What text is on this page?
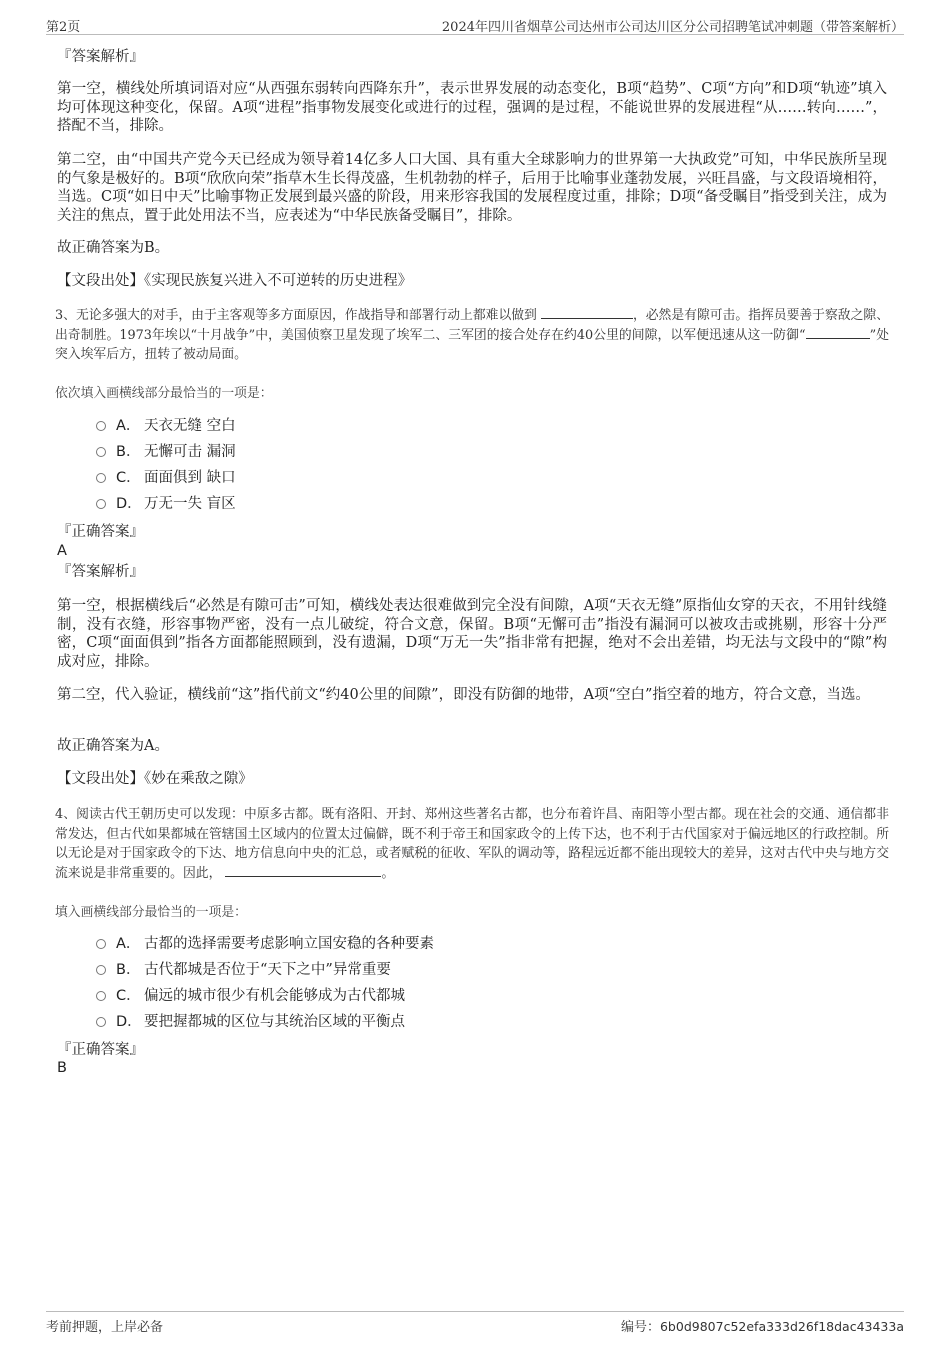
第2页	2024年四川省烟草公司达州市公司达川区分公司招聘笔试冲刺题（带答案解析）
『答案解析』

第一空，横线处所填词语对应“从西强东弱转向西降东升”，表示世界发展的动态变化，B项“趋势”、C项“方向”和D项“轨迹”填入均可体现这种变化，保留。A项“进程”指事物发展变化或进行的过程，强调的是过程，不能说世界的发展进程“从……转向……”，搭配不当，排除。

第二空，由“中国共产党今天已经成为领导着14亿多人口大国、具有重大全球影响力的世界第一大执政党”可知，中华民族所呈现的气象是极好的。B项“欣欣向荣”指草木生长得茂盛，生机勃勃的样子，后用于比喻事业蓬勃发展，兴旺昌盛，与文段语境相符，当选。C项“如日中天”比喻事物正发展到最兴盛的阶段，用来形容我国的发展程度过重，排除；D项“备受瞩目”指受到关注，成为关注的焦点，置于此处用法不当，应表述为“中华民族备受瞩目”，排除。

故正确答案为B。
【文段出处】《实现民族复兴进入不可逆转的历史进程》

3、无论多强大的对手，由于主客观等多方面原因，作战指导和部署行动上都难以做到	，必然是有隙可击。指挥员要善于察敌之隙、出奇制胜。1973年埃以“十月战争”中，美国侦察卫星发现了埃军二、三军团的接合处存在约40公里的间隙，以军便迅速从这一防御“	”处突入埃军后方，扭转了被动局面。

依次填入画横线部分最恰当的一项是：
A． 天衣无缝 空白
B． 无懈可击 漏洞
C． 面面俱到 缺口
D． 万无一失 盲区
『正确答案』
A
『答案解析』

第一空，根据横线后“必然是有隙可击”可知，横线处表达很难做到完全没有间隙，A项“天衣无缝”原指仙女穿的天衣，不用针线缝制，没有衣缝，形容事物严密，没有一点儿破绽，符合文意，保留。B项“无懈可击”指没有漏洞可以被攻击或挑剔，形容十分严密，C项“面面俱到”指各方面都能照顾到，没有遗漏，D项“万无一失”指非常有把握，绝对不会出差错，均无法与文段中的“隙”构成对应，排除。

第二空，代入验证，横线前“这”指代前文“约40公里的间隙”，即没有防御的地带，A项“空白”指空着的地方，符合文意，当选。

故正确答案为A。
【文段出处】《妙在乘敌之隙》

4、阅读古代王朝历史可以发现：中原多古都。既有洛阳、开封、郑州这些著名古都，也分布着许昌、南阳等小型古都。现在社会的交通、通信都非常发达，但古代如果都城在管辖国土区域内的位置太过偏僻，既不利于帝王和国家政令的上传下达，也不利于古代国家对于偏远地区的行政控制。所以无论是对于国家政令的下达、地方信息向中央的汇总，或者赋税的征收、军队的调动等，路程远近都不能出现较大的差异，这对古代中央与地方交流来说是非常重要的。因此，	。

填入画横线部分最恰当的一项是：
A． 古都的选择需要考虑影响立国安稳的各种要素
B． 古代都城是否位于“天下之中”异常重要
C． 偏远的城市很少有机会能够成为古代都城
D． 要把握都城的区位与其统治区域的平衡点
『正确答案』
B
考前押题，上岸必备	编号：6b0d9807c52efa333d26f18dac43433a
